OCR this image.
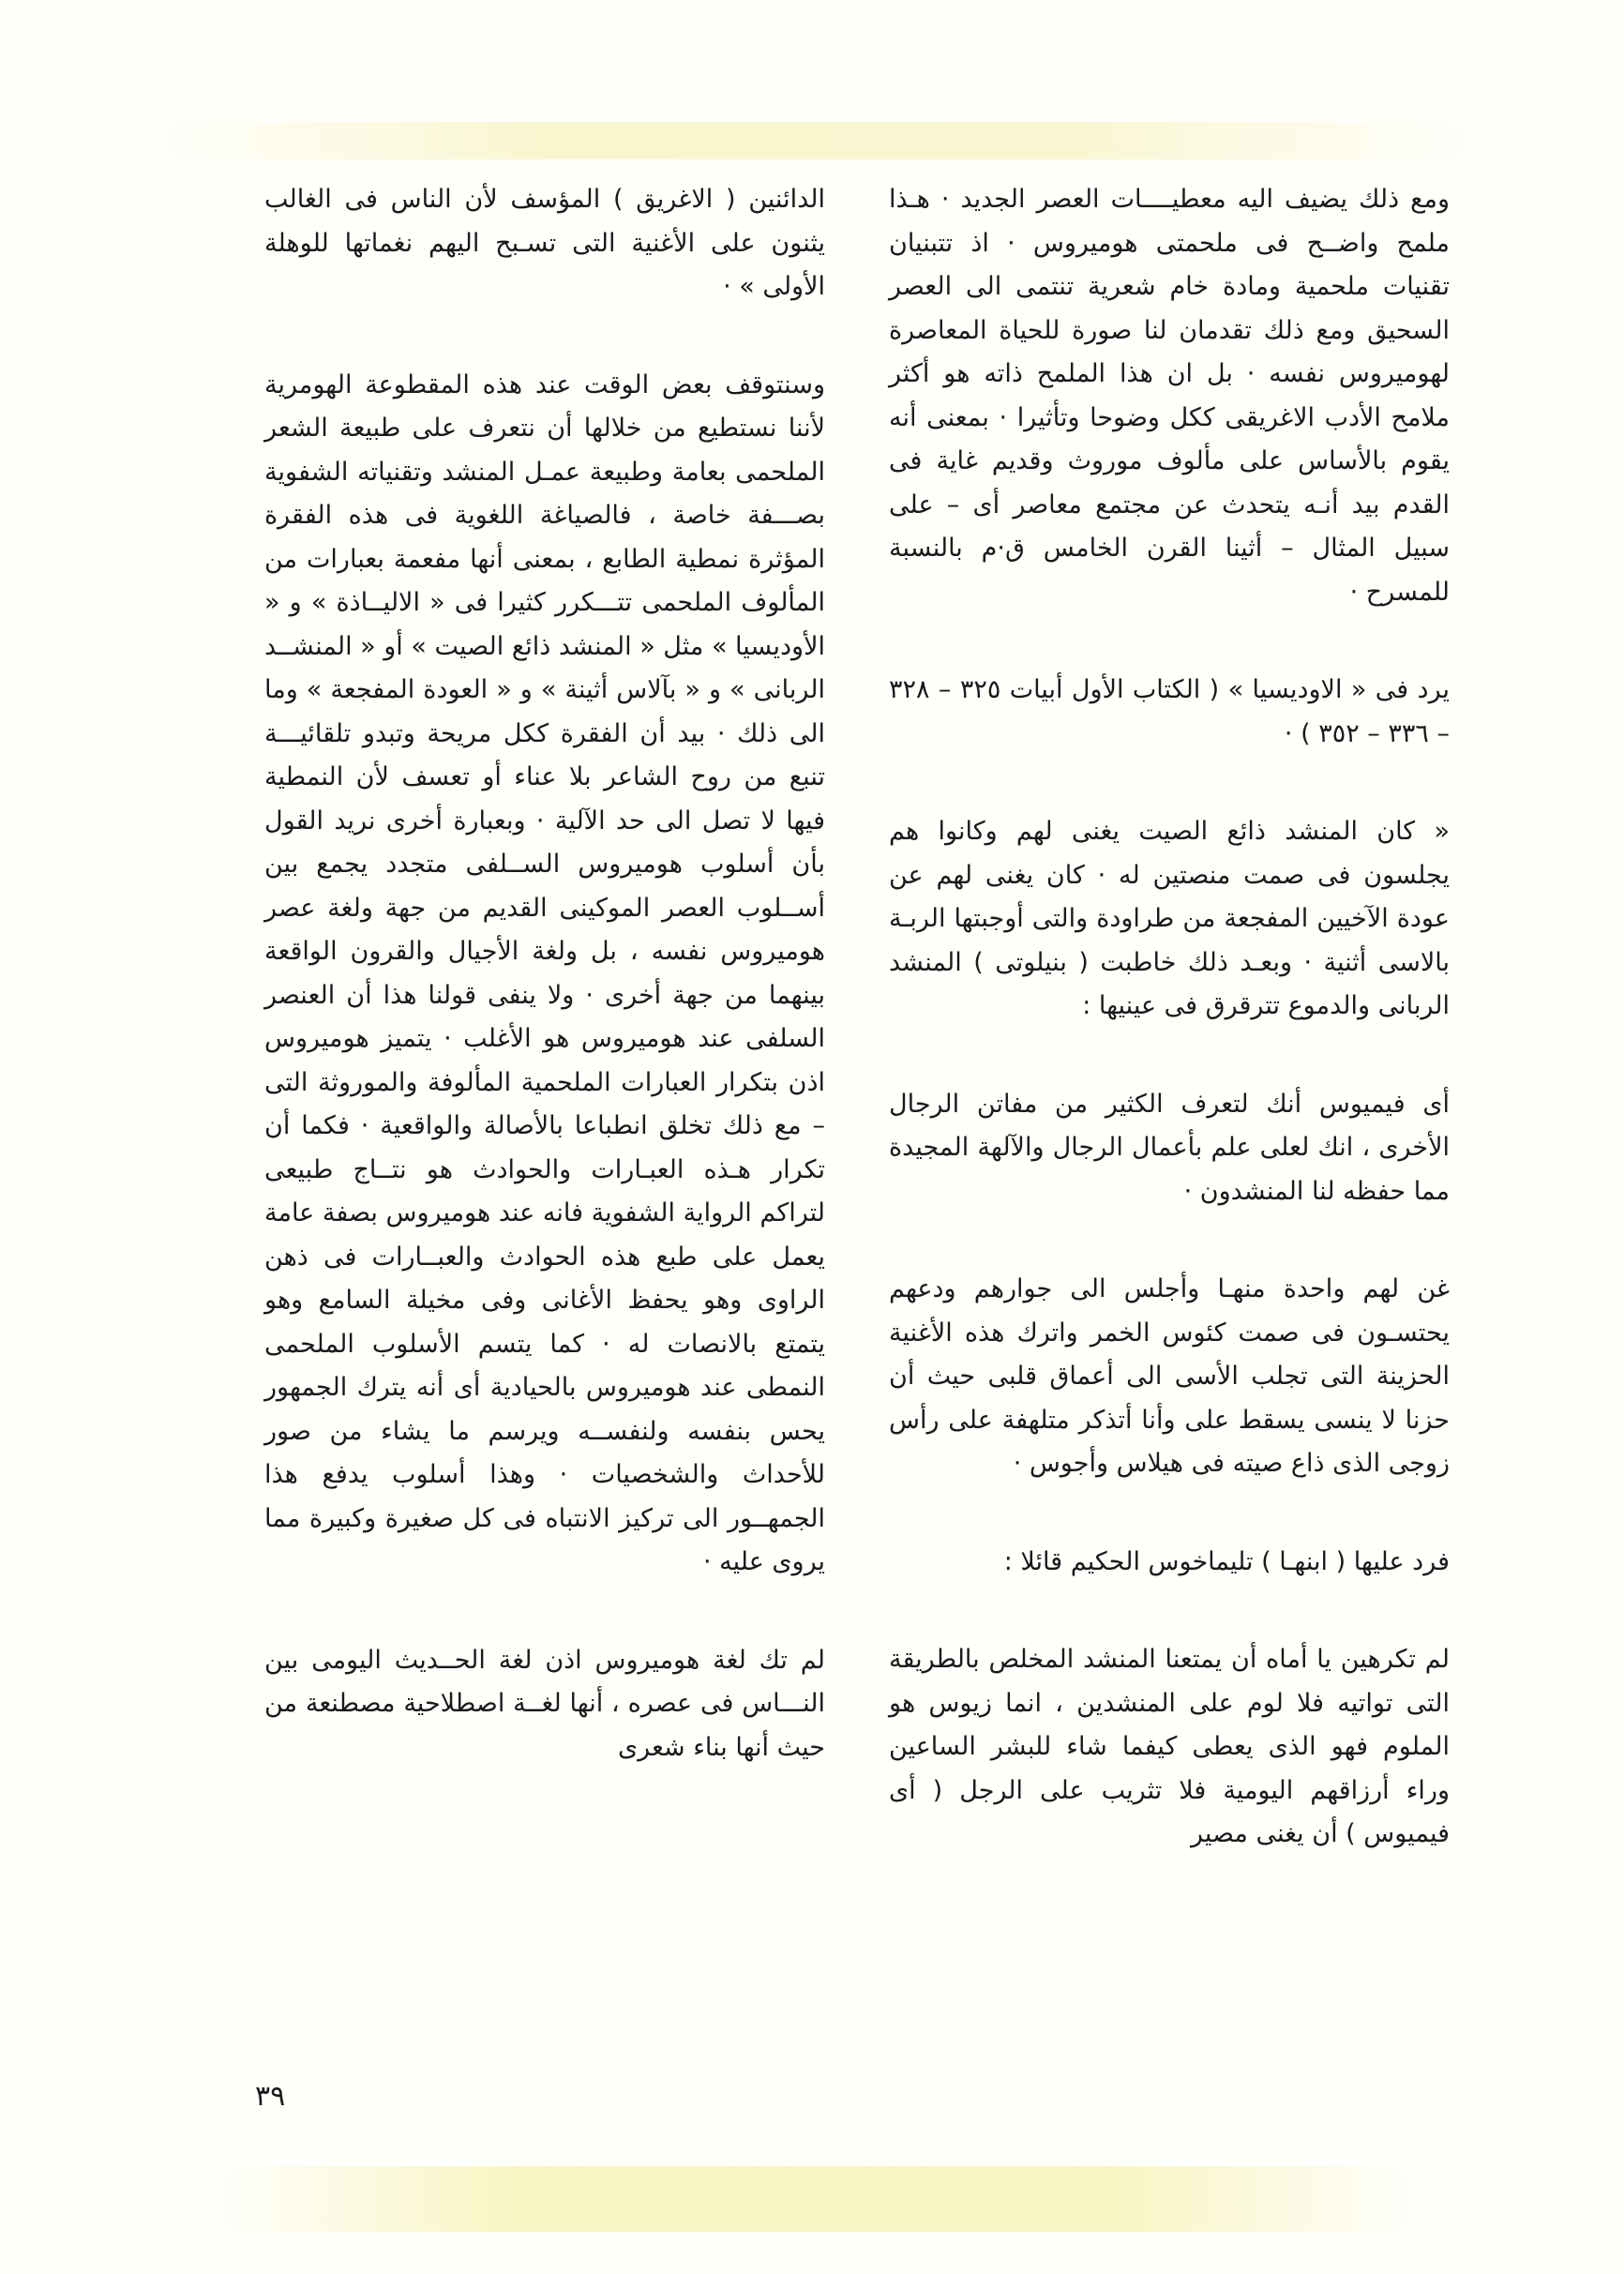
ومع ذلك يضيف اليه معطيــــات العصر الجديد · هـذا ملمح واضــح فى ملحمتى هوميروس · اذ تتبنيان تقنيات ملحمية ومادة خام شعرية تنتمى الى العصر السحيق ومع ذلك تقدمان لنا صورة للحياة المعاصرة لهوميروس نفسه · بل ان هذا الملمح ذاته هو أكثر ملامح الأدب الاغريقى ككل وضوحا وتأثيرا · بمعنى أنه يقوم بالأساس على مألوف موروث وقديم غاية فى القدم بيد أنـه يتحدث عن مجتمع معاصر أى – على سبيل المثال – أثينا القرن الخامس ق·م بالنسبة للمسرح ·

يرد فى « الاوديسيا » ( الكتاب الأول أبيات ٣٢٥ – ٣٢٨ – ٣٣٦ – ٣٥٢ ) ·

« كان المنشد ذائع الصيت يغنى لهم وكانوا هم يجلسون فى صمت منصتين له · كان يغنى لهم عن عودة الآخيين المفجعة من طراودة والتى أوجبتها الربـة بالاسى أثنية · وبعـد ذلك خاطبت ( بنيلوتى ) المنشد الربانى والدموع تترقرق فى عينيها :

أى فيميوس أنك لتعرف الكثير من مفاتن الرجال الأخرى ، انك لعلى علم بأعمال الرجال والآلهة المجيدة مما حفظه لنا المنشدون ·

غن لهم واحدة منهـا وأجلس الى جوارهم ودعهم يحتسـون فى صمت كئوس الخمر واترك هذه الأغنية الحزينة التى تجلب الأسى الى أعماق قلبى حيث أن حزنا لا ينسى يسقط على وأنا أتذكر متلهفة على رأس زوجى الذى ذاع صيته فى هيلاس وأجوس ·

فرد عليها ( ابنهـا ) تليماخوس الحكيم قائلا :

لم تكرهين يا أماه أن يمتعنا المنشد المخلص بالطريقة التى تواتيه فلا لوم على المنشدين ، انما زيوس هو الملوم فهو الذى يعطى كيفما شاء للبشر الساعين وراء أرزاقهم اليومية فلا تثريب على الرجل ( أى فيميوس ) أن يغنى مصير

الدائنين ( الاغريق ) المؤسف لأن الناس فى الغالب يثنون على الأغنية التى تسـبح اليهم نغماتها للوهلة الأولى » ·

وسنتوقف بعض الوقت عند هذه المقطوعة الهومرية لأننا نستطيع من خلالها أن نتعرف على طبيعة الشعر الملحمى بعامة وطبيعة عمـل المنشد وتقنياته الشفوية بصـــفة خاصة ، فالصياغة اللغوية فى هذه الفقرة المؤثرة نمطية الطابع ، بمعنى أنها مفعمة بعبارات من المألوف الملحمى تتـــكرر كثيرا فى « الاليــاذة » و « الأوديسيا » مثل « المنشد ذائع الصيت » أو « المنشــد الربانى » و « بآلاس أثينة » و « العودة المفجعة » وما الى ذلك · بيد أن الفقرة ككل مريحة وتبدو تلقائيـــة تنبع من روح الشاعر بلا عناء أو تعسف لأن النمطية فيها لا تصل الى حد الآلية · وبعبارة أخرى نريد القول بأن أسلوب هوميروس الســلفى متجدد يجمع بين أســلوب العصر الموكينى القديم من جهة ولغة عصر هوميروس نفسه ، بل ولغة الأجيال والقرون الواقعة بينهما من جهة أخرى · ولا ينفى قولنا هذا أن العنصر السلفى عند هوميروس هو الأغلب · يتميز هوميروس اذن بتكرار العبارات الملحمية المألوفة والموروثة التى – مع ذلك تخلق انطباعا بالأصالة والواقعية · فكما أن تكرار هـذه العبـارات والحوادث هو نتــاج طبيعى لتراكم الرواية الشفوية فانه عند هوميروس بصفة عامة يعمل على طبع هذه الحوادث والعبــارات فى ذهن الراوى وهو يحفظ الأغانى وفى مخيلة السامع وهو يتمتع بالانصات له · كما يتسم الأسلوب الملحمى النمطى عند هوميروس بالحيادية أى أنه يترك الجمهور يحس بنفسه ولنفســه ويرسم ما يشاء من صور للأحداث والشخصيات · وهذا أسلوب يدفع هذا الجمهــور الى تركيز الانتباه فى كل صغيرة وكبيرة مما يروى عليه ·

لم تك لغة هوميروس اذن لغة الحــديث اليومى بين النـــاس فى عصره ، أنها لغــة اصطلاحية مصطنعة من حيث أنها بناء شعرى

٣٩
